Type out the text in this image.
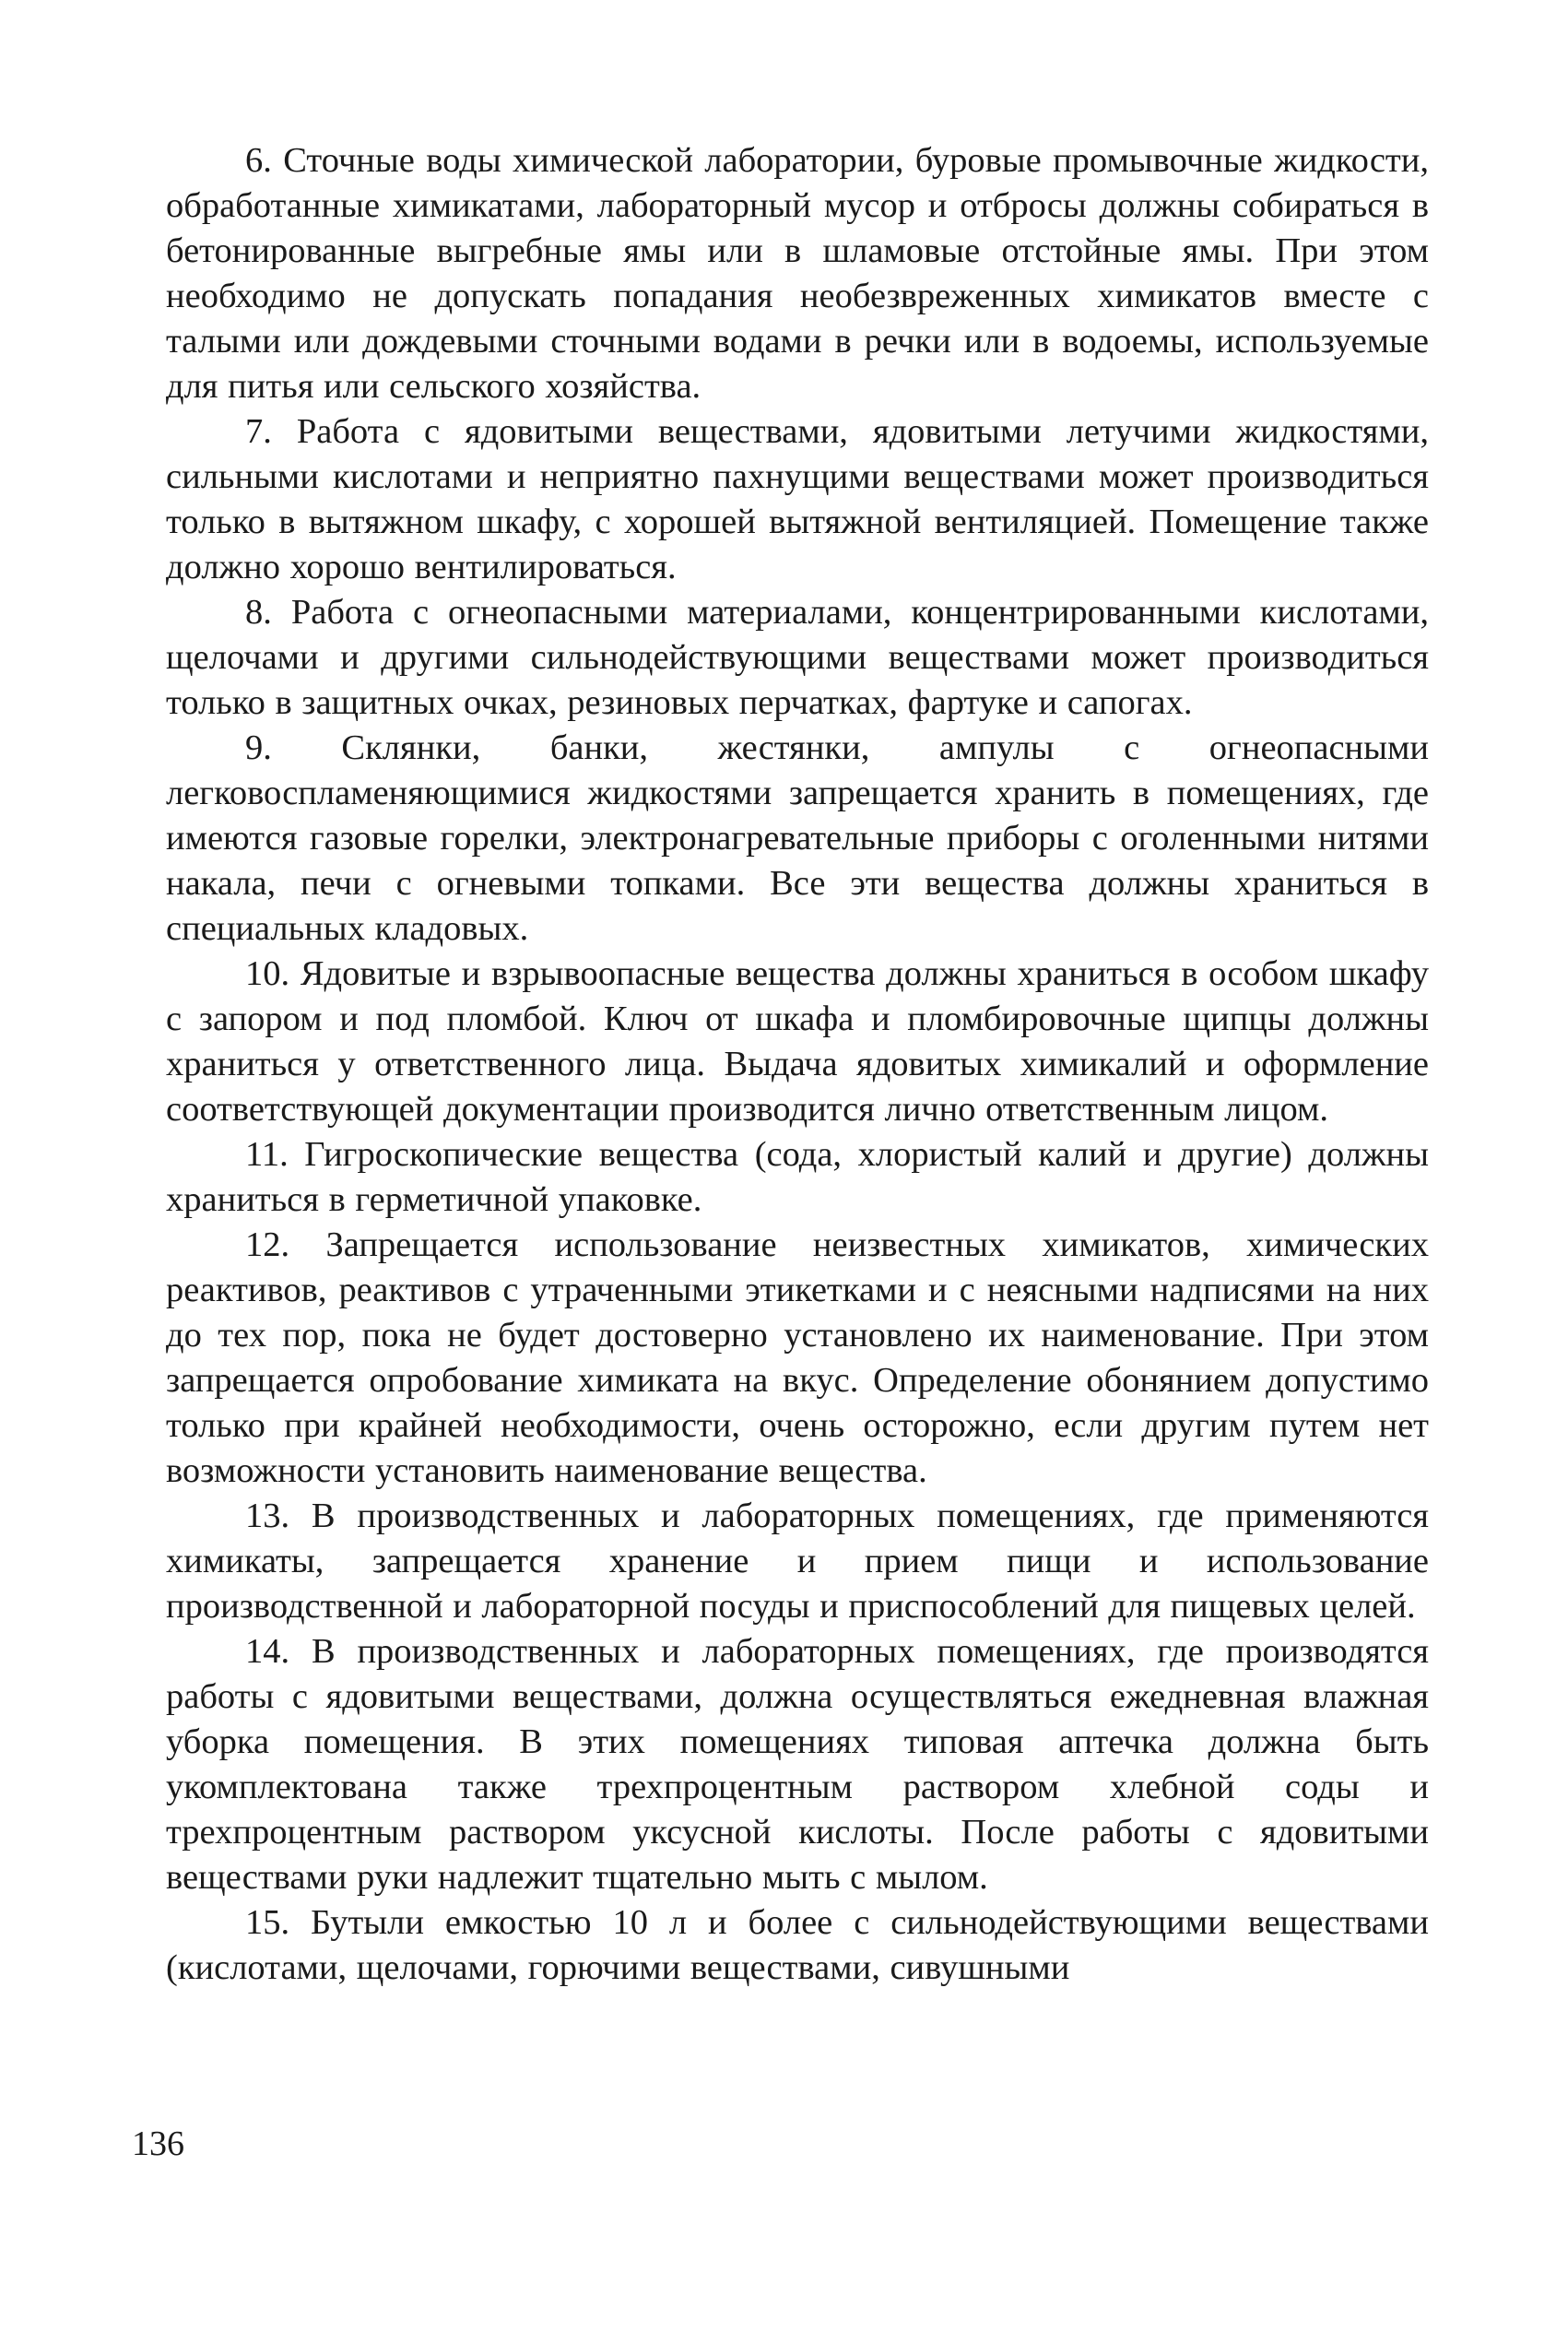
6. Сточные воды химической лаборатории, буровые промывочные жидкости, обработанные химикатами, лабораторный мусор и отбросы должны собираться в бетонированные выгребные ямы или в шламовые отстойные ямы. При этом необходимо не допускать попадания необезвреженных химикатов вместе с талыми или дождевыми сточными водами в речки или в водоемы, используемые для питья или сельского хозяйства.

7. Работа с ядовитыми веществами, ядовитыми летучими жидкостями, сильными кислотами и неприятно пахнущими веществами может производиться только в вытяжном шкафу, с хорошей вытяжной вентиляцией. Помещение также должно хорошо вентилироваться.

8. Работа с огнеопасными материалами, концентрированными кислотами, щелочами и другими сильнодействующими веществами может производиться только в защитных очках, резиновых перчатках, фартуке и сапогах.

9. Склянки, банки, жестянки, ампулы с огнеопасными легковоспламеняющимися жидкостями запрещается хранить в помещениях, где имеются газовые горелки, электронагревательные приборы с оголенными нитями накала, печи с огневыми топками. Все эти вещества должны храниться в специальных кладовых.

10. Ядовитые и взрывоопасные вещества должны храниться в особом шкафу с запором и под пломбой. Ключ от шкафа и пломбировочные щипцы должны храниться у ответственного лица. Выдача ядовитых химикалий и оформление соответствующей документации производится лично ответственным лицом.

11. Гигроскопические вещества (сода, хлористый калий и другие) должны храниться в герметичной упаковке.

12. Запрещается использование неизвестных химикатов, химических реактивов, реактивов с утраченными этикетками и с неясными надписями на них до тех пор, пока не будет достоверно установлено их наименование. При этом запрещается опробование химиката на вкус. Определение обонянием допустимо только при крайней необходимости, очень осторожно, если другим путем нет возможности установить наименование вещества.

13. В производственных и лабораторных помещениях, где применяются химикаты, запрещается хранение и прием пищи и использование производственной и лабораторной посуды и приспособлений для пищевых целей.

14. В производственных и лабораторных помещениях, где производятся работы с ядовитыми веществами, должна осуществляться ежедневная влажная уборка помещения. В этих помещениях типовая аптечка должна быть укомплектована также трехпроцентным раствором хлебной соды и трехпроцентным раствором уксусной кислоты. После работы с ядовитыми веществами руки надлежит тщательно мыть с мылом.

15. Бутыли емкостью 10 л и более с сильнодействующими веществами (кислотами, щелочами, горючими веществами, сивушными

136
